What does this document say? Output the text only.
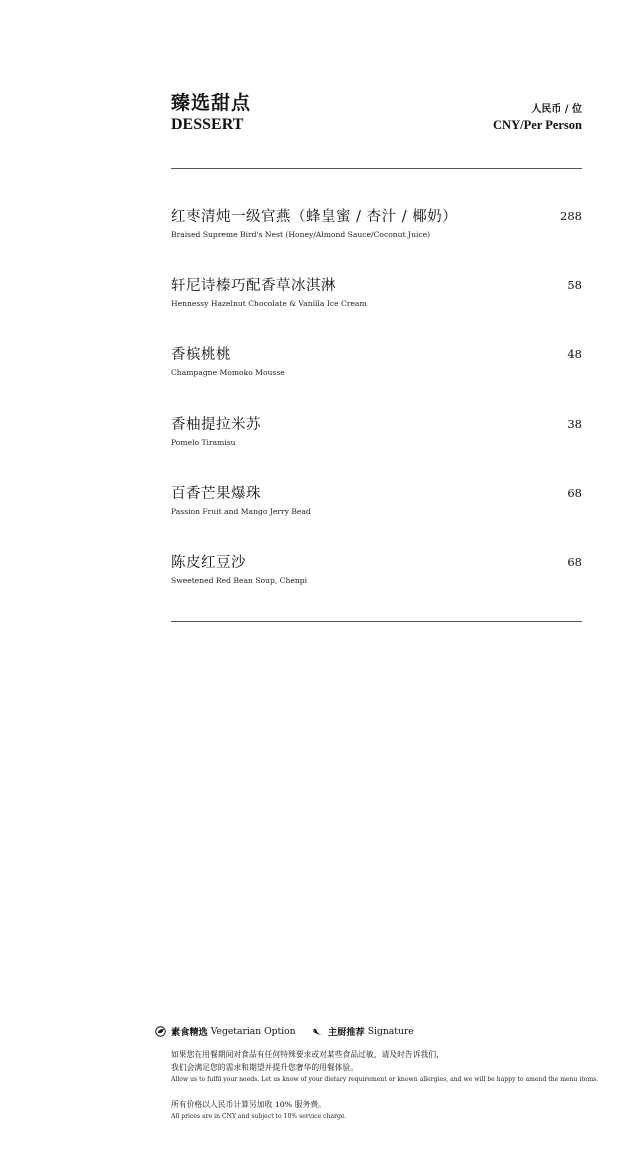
臻选甜点
DESSERT
人民币 / 位
CNY/Per Person
红枣清炖一级官燕（蜂皇蜜 / 杏汁 / 椰奶）
Braised Supreme Bird's Nest (Honey/Almond Sauce/Coconut Juice)
288
轩尼诗榛巧配香草冰淇淋
Hennessy Hazelnut Chocolate & Vanilla Ice Cream
58
香槟桃桃
Champagne Momoko Mousse
48
香柚提拉米苏
Pomelo Tiramisu
38
百香芒果爆珠
Passion Fruit and Mango Jerry Bead
68
陈皮红豆沙
Sweetened Red Bean Soup, Chenpi
68
素食精选 Vegetarian Option	主厨推荐 Signature
如果您在用餐期间对食品有任何特殊要求或对某些食品过敏，请及时告诉我们，
我们会满足您的需求和期望并提升您奢华的用餐体验。
Allow us to fulfil your needs. Let us know of your dietary requirement or known allergies, and we will be happy to amend the menu items.
所有价格以人民币计算另加收 10% 服务费。
All prices are in CNY and subject to 10% service charge.
